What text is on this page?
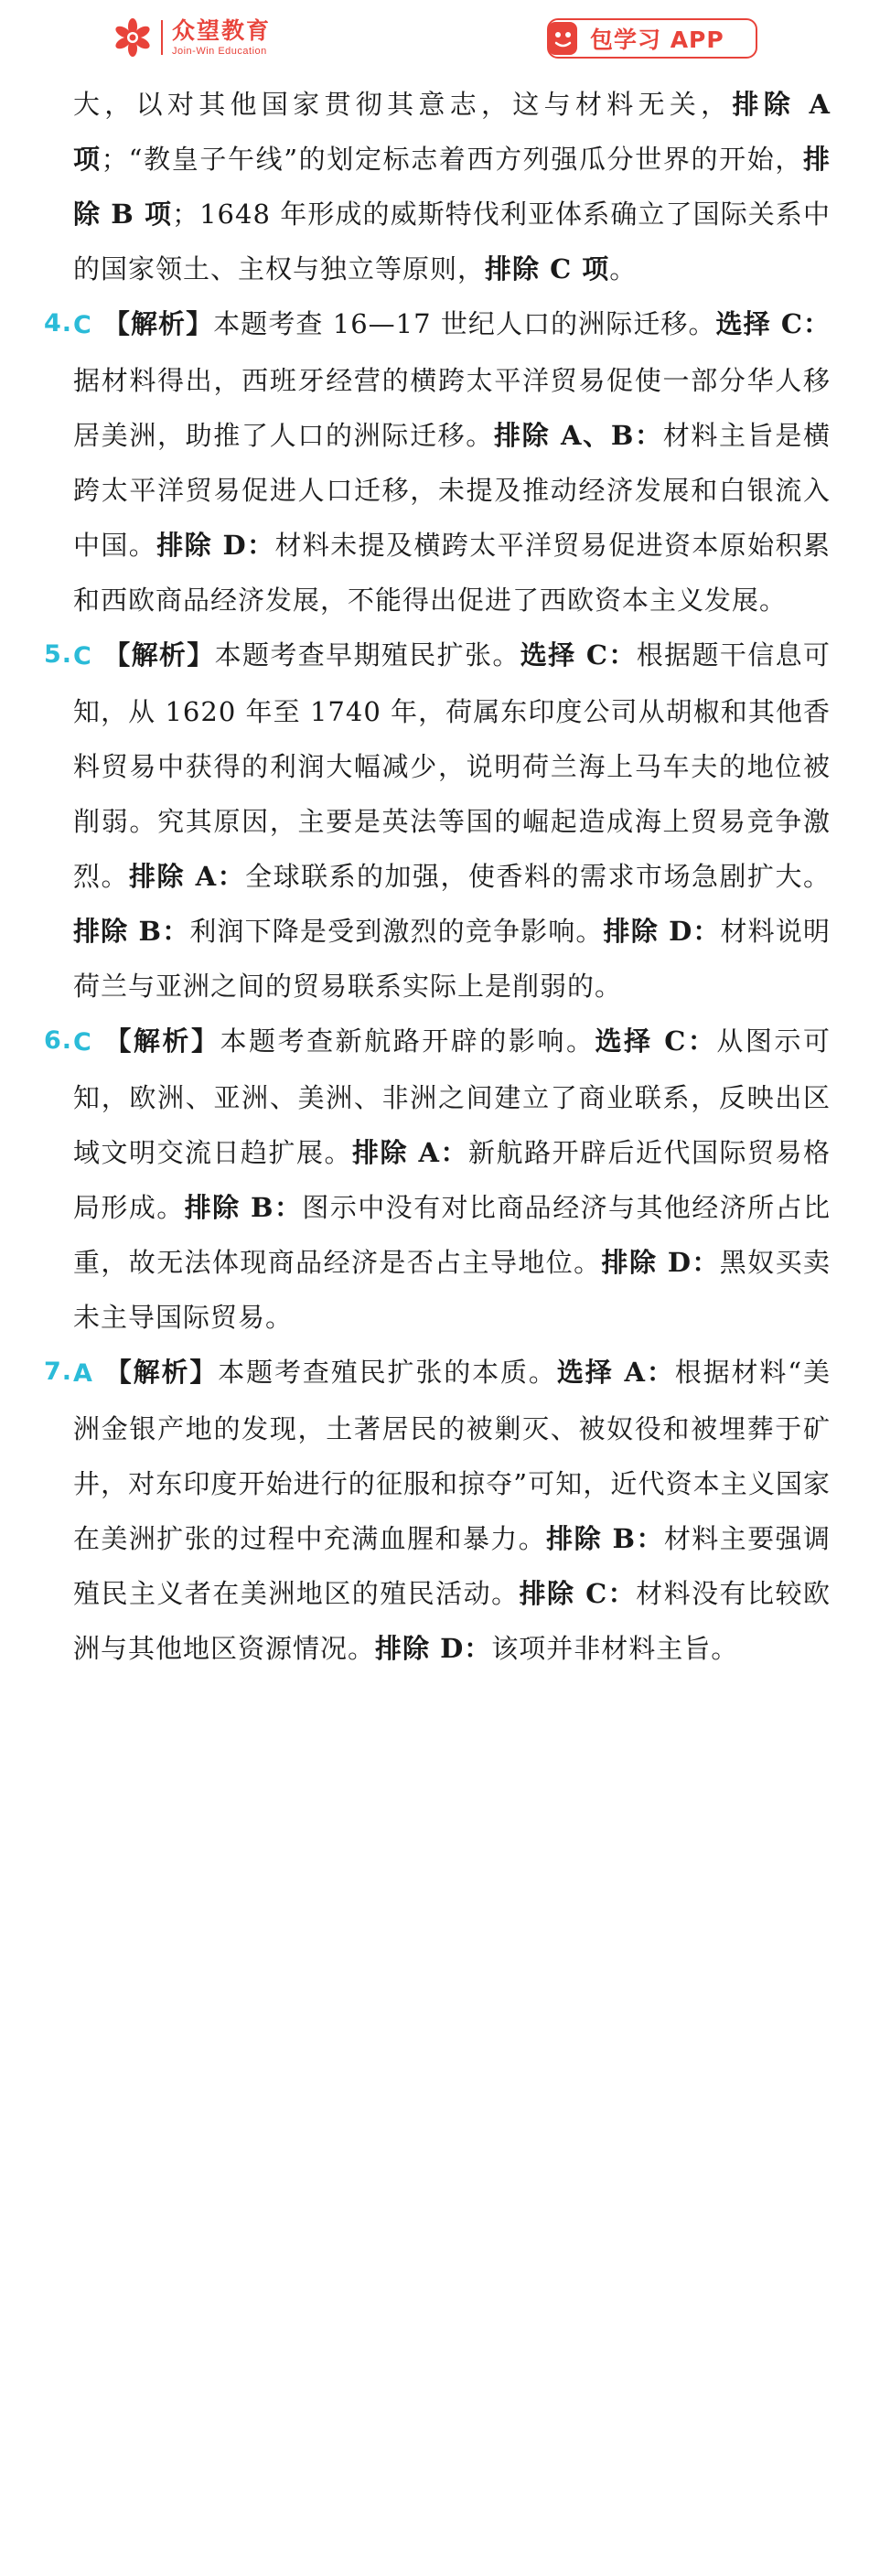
众望教育
Join-Win Education	包学习 APP
大，以对其他国家贯彻其意志，这与材料无关，排除 A 项；“教皇子午线”的划定标志着西方列强瓜分世界的开始，排除 B 项；1648 年形成的威斯特伐利亚体系确立了国际关系中的国家领土、主权与独立等原则，排除 C 项。
4. C 【解析】本题考查 16—17 世纪人口的洲际迁移。选择 C：据材料得出，西班牙经营的横跨太平洋贸易促使一部分华人移居美洲，助推了人口的洲际迁移。排除 A、B：材料主旨是横跨太平洋贸易促进人口迁移，未提及推动经济发展和白银流入中国。排除 D：材料未提及横跨太平洋贸易促进资本原始积累和西欧商品经济发展，不能得出促进了西欧资本主义发展。
5. C 【解析】本题考查早期殖民扩张。选择 C：根据题干信息可知，从 1620 年至 1740 年，荷属东印度公司从胡椒和其他香料贸易中获得的利润大幅减少，说明荷兰海上马车夫的地位被削弱。究其原因，主要是英法等国的崛起造成海上贸易竞争激烈。排除 A：全球联系的加强，使香料的需求市场急剧扩大。排除 B：利润下降是受到激烈的竞争影响。排除 D：材料说明荷兰与亚洲之间的贸易联系实际上是削弱的。
6. C 【解析】本题考查新航路开辟的影响。选择 C：从图示可知，欧洲、亚洲、美洲、非洲之间建立了商业联系，反映出区域文明交流日趋扩展。排除 A：新航路开辟后近代国际贸易格局形成。排除 B：图示中没有对比商品经济与其他经济所占比重，故无法体现商品经济是否占主导地位。排除 D：黑奴买卖未主导国际贸易。
7. A 【解析】本题考查殖民扩张的本质。选择 A：根据材料“美洲金银产地的发现，土著居民的被剿灭、被奴役和被埋葬于矿井，对东印度开始进行的征服和掠夺”可知，近代资本主义国家在美洲扩张的过程中充满血腥和暴力。排除 B：材料主要强调殖民主义者在美洲地区的殖民活动。排除 C：材料没有比较欧洲与其他地区资源情况。排除 D：该项并非材料主旨。
